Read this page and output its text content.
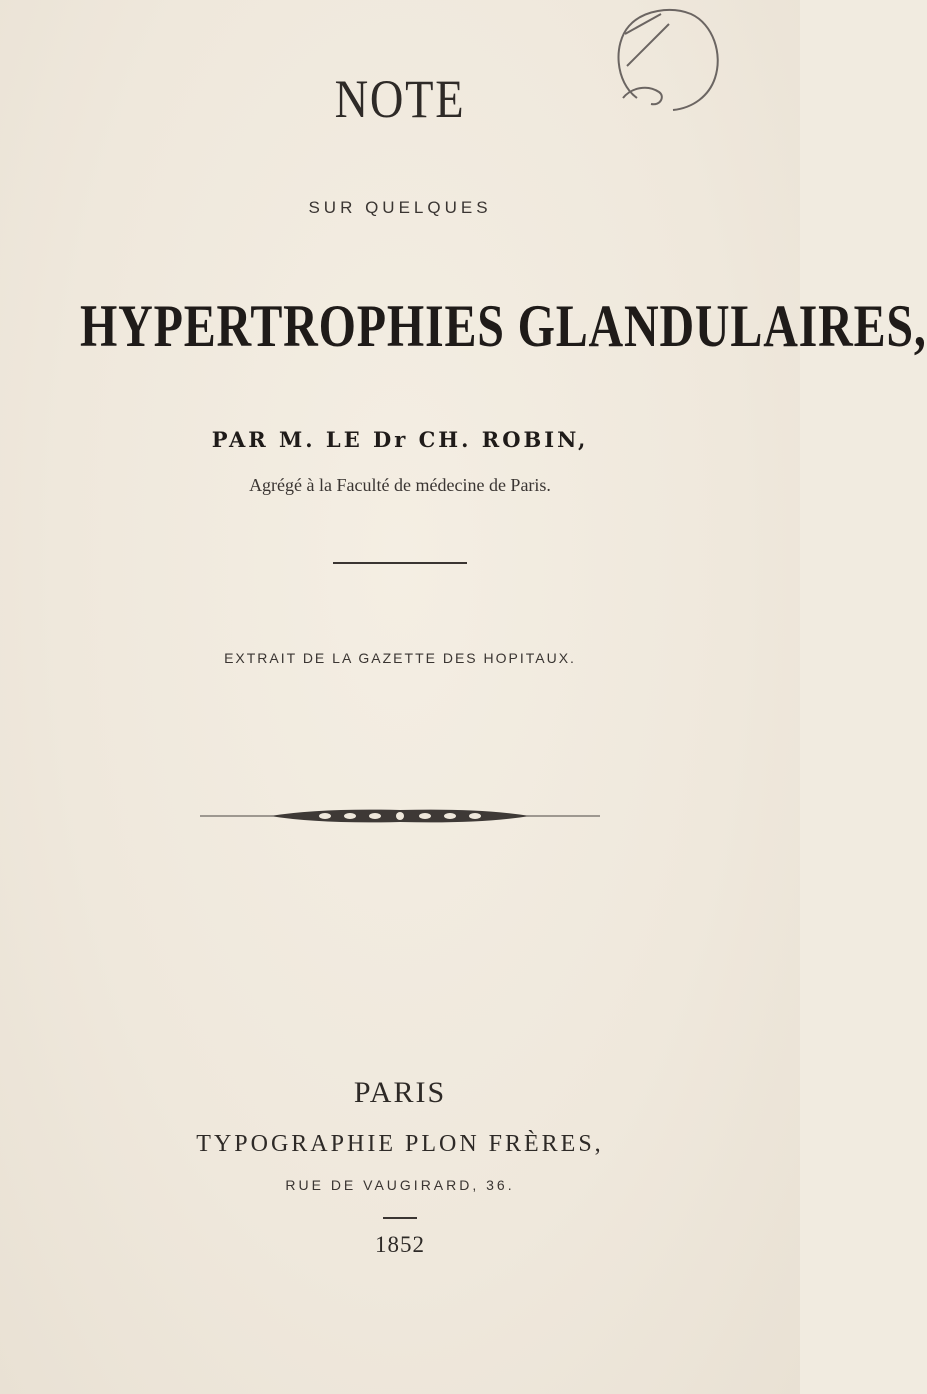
NOTE
SUR QUELQUES
HYPERTROPHIES GLANDULAIRES,
PAR M. LE Dr CH. ROBIN,
Agrégé à la Faculté de médecine de Paris.
EXTRAIT DE LA GAZETTE DES HOPITAUX.
PARIS
TYPOGRAPHIE PLON FRÈRES,
RUE DE VAUGIRARD, 36.
1852
